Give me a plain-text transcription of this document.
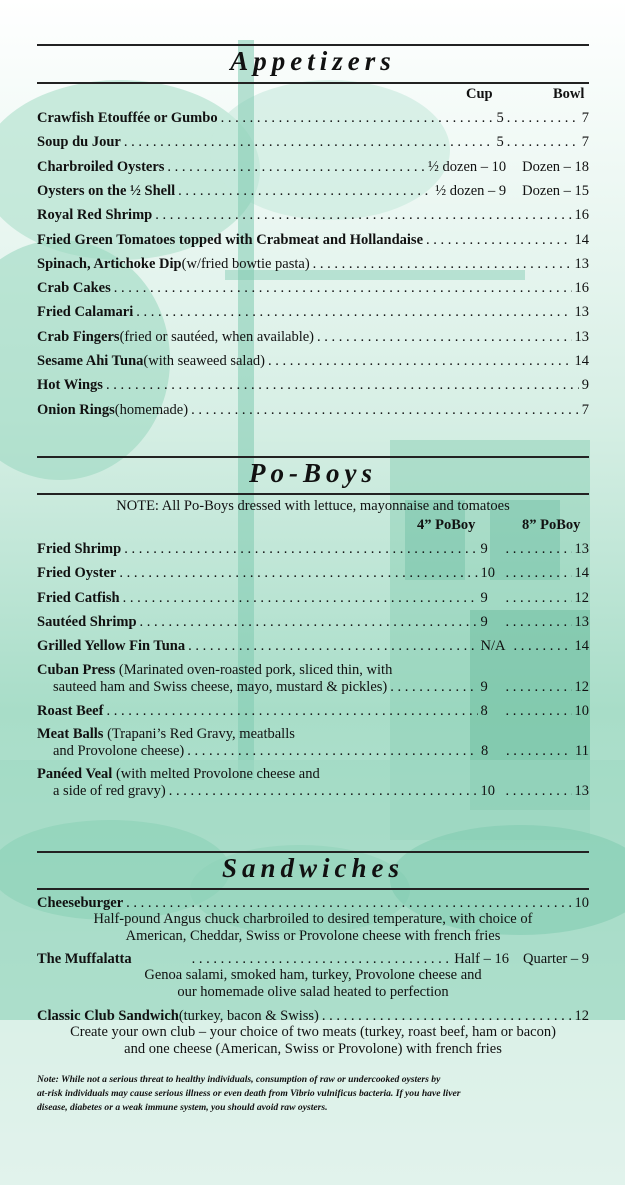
Appetizers
Cup	Bowl
Crawfish Etouffée or Gumbo . . .	5 . . .	7
Soup du Jour . . .	5 . . .	7
Charbroiled Oysters . . .	½ dozen – 10 Dozen – 18
Oysters on the ½ Shell . . .	½ dozen – 9 Dozen – 15
Royal Red Shrimp . . .	16
Fried Green Tomatoes topped with Crabmeat and Hollandaise . . .	14
Spinach, Artichoke Dip (w/fried bowtie pasta) . . .	13
Crab Cakes . . .	16
Fried Calamari . . .	13
Crab Fingers (fried or sautéed, when available) . . .	13
Sesame Ahi Tuna (with seaweed salad) . . .	14
Hot Wings . . .	9
Onion Rings (homemade) . . .	7
Po-Boys
NOTE: All Po-Boys dressed with lettuce, mayonnaise and tomatoes
4” PoBoy	8” PoBoy
Fried Shrimp . . .	9 . . .	13
Fried Oyster . . .	10 . . .	14
Fried Catfish . . .	9 . . .	12
Sautéed Shrimp . . .	9 . . .	13
Grilled Yellow Fin Tuna . . .	N/A . . .	14
Cuban Press (Marinated oven-roasted pork, sliced thin, with
sauteed ham and Swiss cheese, mayo, mustard & pickles) . . .	9 . . .	12
Roast Beef . . .	8 . . .	10
Meat Balls (Trapani’s Red Gravy, meatballs
and Provolone cheese) . . .	8 . . .	11
Panéed Veal (with melted Provolone cheese and
a side of red gravy) . . .	10 . . .	13
Sandwiches
Cheeseburger . . .	10
Half-pound Angus chuck charbroiled to desired temperature, with choice of
American, Cheddar, Swiss or Provolone cheese with french fries
The Muffalatta . . .	Half – 16 Quarter – 9
Genoa salami, smoked ham, turkey, Provolone cheese and
our homemade olive salad heated to perfection
Classic Club Sandwich (turkey, bacon & Swiss) . . .	12
Create your own club – your choice of two meats (turkey, roast beef, ham or bacon)
and one cheese (American, Swiss or Provolone) with french fries
Note: While not a serious threat to healthy individuals, consumption of raw or undercooked oysters by
at-risk individuals may cause serious illness or even death from Vibrio vulnificus bacteria. If you have liver
disease, diabetes or a weak immune system, you should avoid raw oysters.
